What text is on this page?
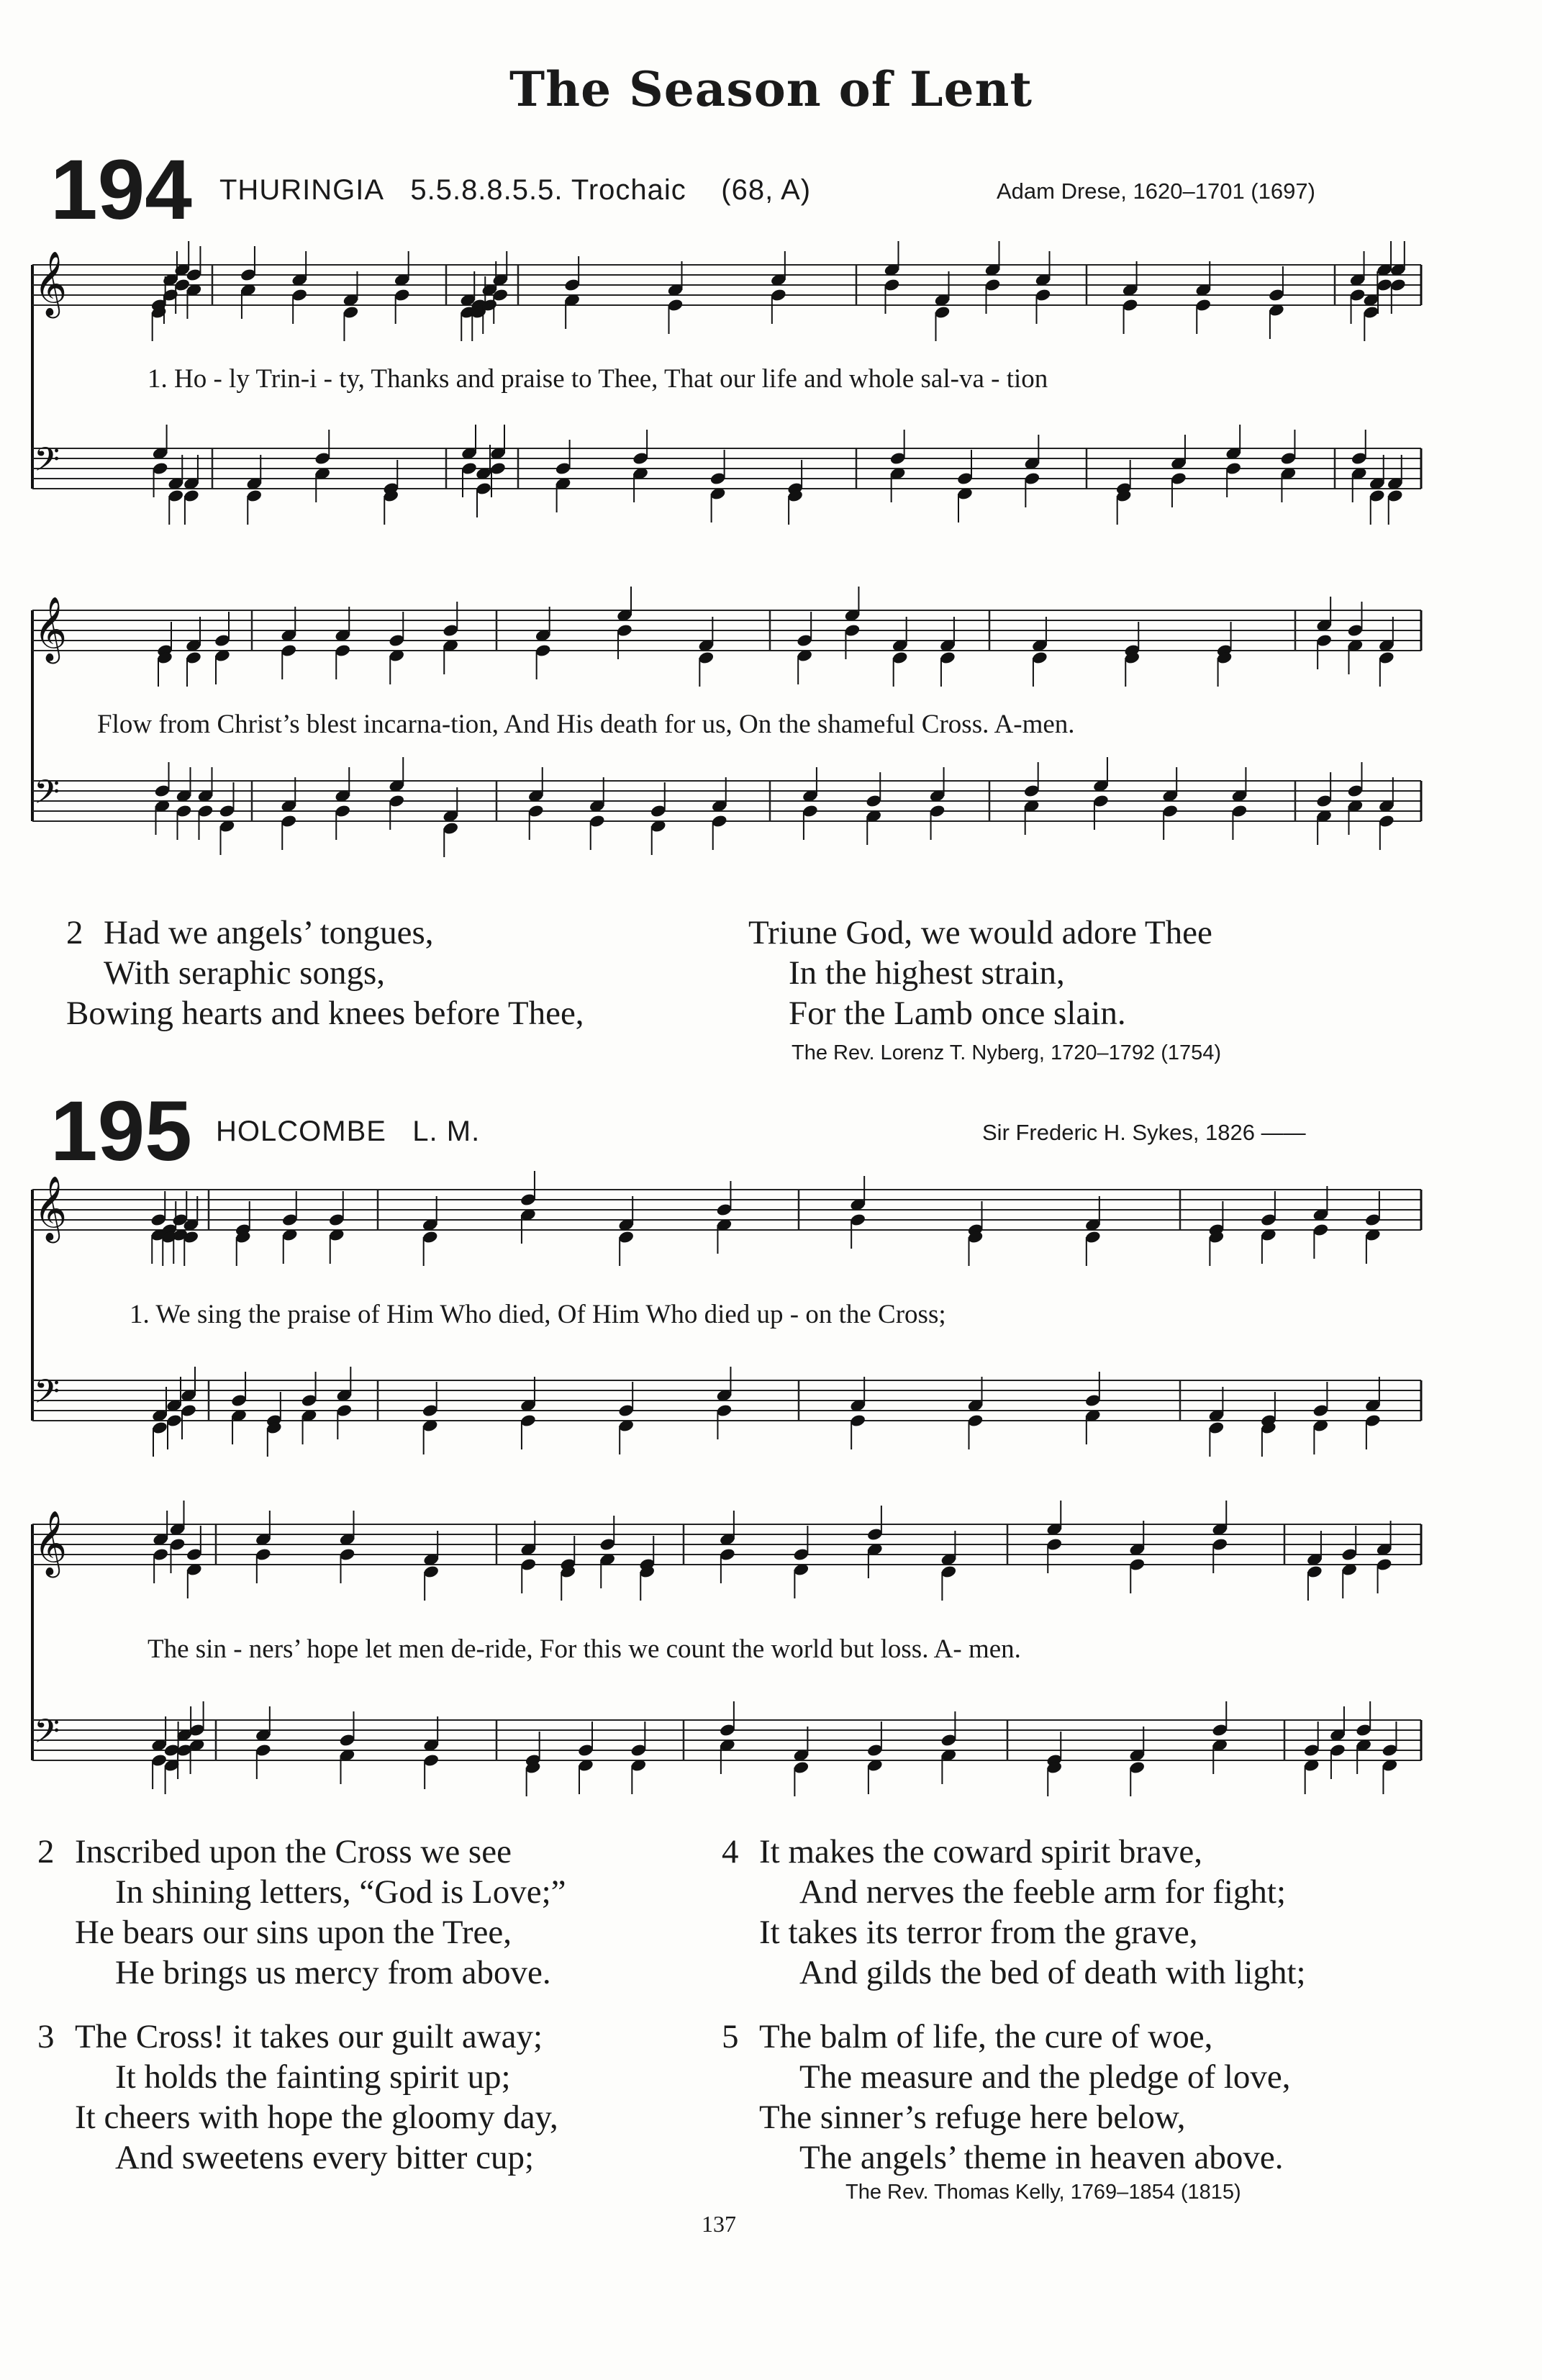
The Season of Lent
194 THURINGIA 5.5.8.8.5.5. Trochaic (68, A)	Adam Drese, 1620–1701 (1697)
1. Ho - ly Trin-i - ty, Thanks and praise to Thee, That our life and whole sal-va - tion
Flow from Christ’s blest incarna-tion, And His death for us, On the shameful Cross. A-men.
2 Had we angels’ tongues,
With seraphic songs,
Bowing hearts and knees before Thee,
Triune God, we would adore Thee
In the highest strain,
For the Lamb once slain.
The Rev. Lorenz T. Nyberg, 1720–1792 (1754)
195 HOLCOMBE L. M.	Sir Frederic H. Sykes, 1826 ——
1. We sing the praise of Him Who died, Of Him Who died up - on the Cross;
The sin - ners’ hope let men de-ride, For this we count the world but loss. A- men.
2 Inscribed upon the Cross we see
In shining letters, “God is Love;”
He bears our sins upon the Tree,
He brings us mercy from above.
4 It makes the coward spirit brave,
And nerves the feeble arm for fight;
It takes its terror from the grave,
And gilds the bed of death with light;
3 The Cross! it takes our guilt away;
It holds the fainting spirit up;
It cheers with hope the gloomy day,
And sweetens every bitter cup;
5 The balm of life, the cure of woe,
The measure and the pledge of love,
The sinner’s refuge here below,
The angels’ theme in heaven above.
The Rev. Thomas Kelly, 1769–1854 (1815)
137
𝄞
𝄢
𝄞
𝄢
𝄞
𝄢
𝄞
𝄢
